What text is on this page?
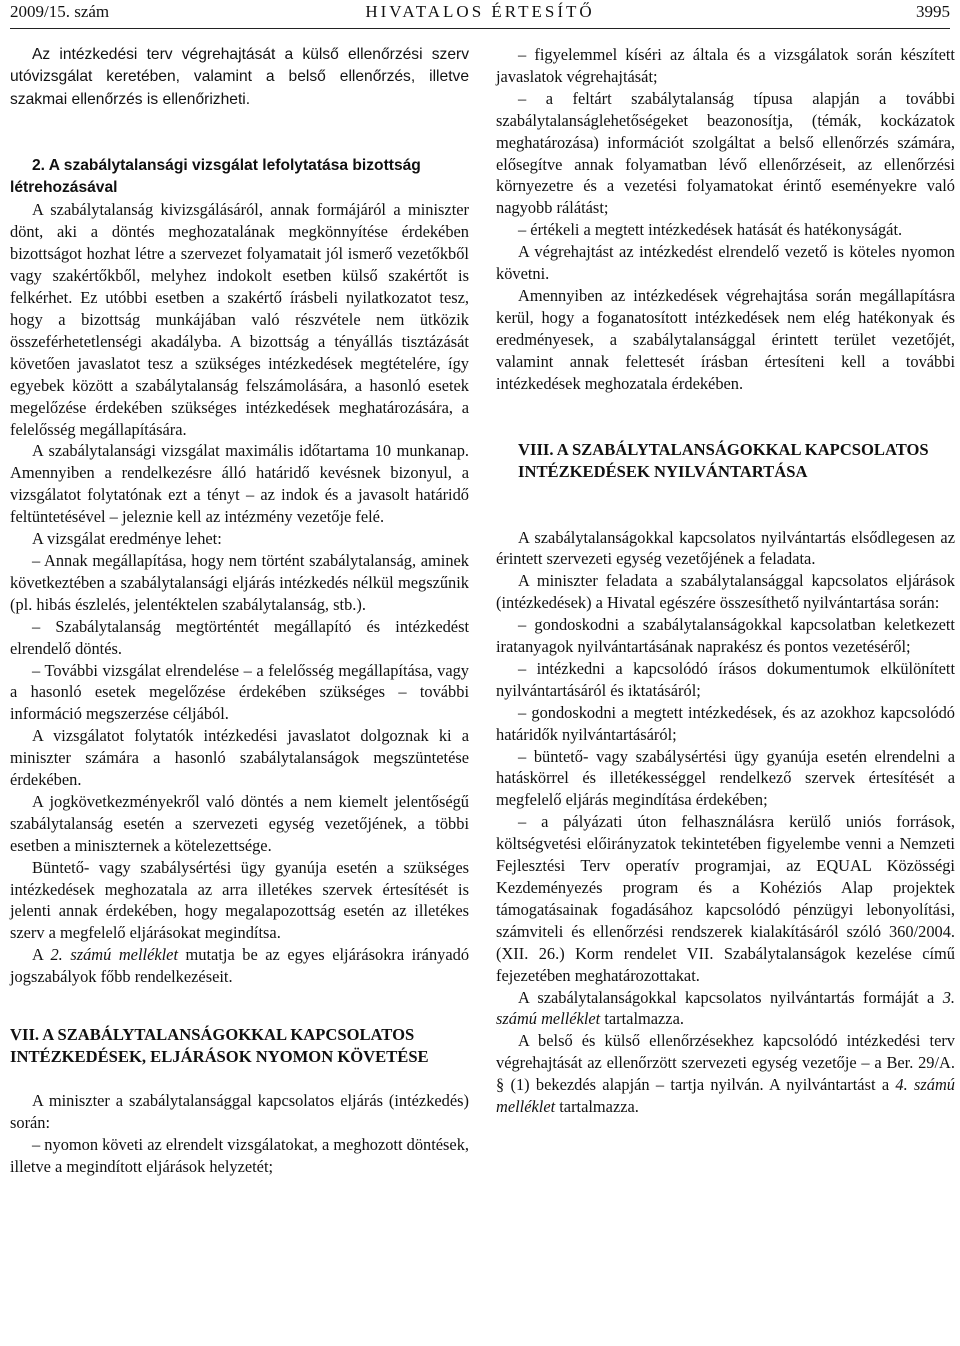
2009/15. szám	HIVATALOS ÉRTESÍTŐ	3995

Az intézkedési terv végrehajtását a külső ellenőrzési szerv utóvizsgálat keretében, valamint a belső ellenőrzés, illetve szakmai ellenőrzés is ellenőrizheti.

2. A szabálytalansági vizsgálat lefolytatása bizottság

létrehozásával

A szabálytalanság kivizsgálásáról, annak formájáról a miniszter dönt, aki a döntés meghozatalának megkönnyítése érdekében bizottságot hozhat létre a szervezet folyamatait jól ismerő vezetőkből vagy szakértőkből, melyhez indokolt esetben külső szakértőt is felkérhet. Ez utóbbi esetben a szakértő írásbeli nyilatkozatot tesz, hogy a bizottság munkájában való részvétele nem ütközik összeférhetetlenségi akadályba. A bizottság a tényállás tisztázását követően javaslatot tesz a szükséges intézkedések megtételére, így egyebek között a szabálytalanság felszámolására, a hasonló esetek megelőzése érdekében szükséges intézkedések meghatározására, a felelősség megállapítására.

A szabálytalansági vizsgálat maximális időtartama 10 munkanap. Amennyiben a rendelkezésre álló határidő kevésnek bizonyul, a vizsgálatot folytatónak ezt a tényt – az indok és a javasolt határidő feltüntetésével – jeleznie kell az intézmény vezetője felé.

A vizsgálat eredménye lehet:

– Annak megállapítása, hogy nem történt szabálytalanság, aminek következtében a szabálytalansági eljárás intézkedés nélkül megszűnik (pl. hibás észlelés, jelentéktelen szabálytalanság, stb.).

– Szabálytalanság megtörténtét megállapító és intézkedést elrendelő döntés.

– További vizsgálat elrendelése – a felelősség megállapítása, vagy a hasonló esetek megelőzése érdekében szükséges – további információ megszerzése céljából.

A vizsgálatot folytatók intézkedési javaslatot dolgoznak ki a miniszter számára a hasonló szabálytalanságok megszüntetése érdekében.

A jogkövetkezményekről való döntés a nem kiemelt jelentőségű szabálytalanság esetén a szervezeti egység vezetőjének, a többi esetben a miniszternek a kötelezettsége.

Büntető- vagy szabálysértési ügy gyanúja esetén a szükséges intézkedések meghozatala az arra illetékes szervek értesítését is jelenti annak érdekében, hogy megalapozottság esetén az illetékes szerv a megfelelő eljárásokat megindítsa.

A 2. számú melléklet mutatja be az egyes eljárásokra irányadó jogszabályok főbb rendelkezéseit.

VII. A SZABÁLYTALANSÁGOKKAL KAPCSOLATOS INTÉZKEDÉSEK, ELJÁRÁSOK NYOMON KÖVETÉSE

A miniszter a szabálytalansággal kapcsolatos eljárás (intézkedés) során:

– nyomon követi az elrendelt vizsgálatokat, a meghozott döntések, illetve a megindított eljárások helyzetét;

– figyelemmel kíséri az általa és a vizsgálatok során készített javaslatok végrehajtását;

– a feltárt szabálytalanság típusa alapján a további szabálytalanságlehetőségeket beazonosítja, (témák, kockázatok meghatározása) információt szolgáltat a belső ellenőrzés számára, elősegítve annak folyamatban lévő ellenőrzéseit, az ellenőrzési környezetre és a vezetési folyamatokat érintő eseményekre való nagyobb rálátást;

– értékeli a megtett intézkedések hatását és hatékonyságát.

A végrehajtást az intézkedést elrendelő vezető is köteles nyomon követni.

Amennyiben az intézkedések végrehajtása során megállapításra kerül, hogy a foganatosított intézkedések nem elég hatékonyak és eredményesek, a szabálytalansággal érintett terület vezetőjét, valamint annak felettesét írásban értesíteni kell a további intézkedések meghozatala érdekében.

VIII. A SZABÁLYTALANSÁGOKKAL KAPCSOLATOS INTÉZKEDÉSEK NYILVÁNTARTÁSA

A szabálytalanságokkal kapcsolatos nyilvántartás elsődlegesen az érintett szervezeti egység vezetőjének a feladata.

A miniszter feladata a szabálytalansággal kapcsolatos eljárások (intézkedések) a Hivatal egészére összesíthető nyilvántartása során:

– gondoskodni a szabálytalanságokkal kapcsolatban keletkezett iratanyagok nyilvántartásának naprakész és pontos vezetéséről;

– intézkedni a kapcsolódó írásos dokumentumok elkülönített nyilvántartásáról és iktatásáról;

– gondoskodni a megtett intézkedések, és az azokhoz kapcsolódó határidők nyilvántartásáról;

– büntető- vagy szabálysértési ügy gyanúja esetén elrendelni a hatáskörrel és illetékességgel rendelkező szervek értesítését a megfelelő eljárás megindítása érdekében;

– a pályázati úton felhasználásra kerülő uniós források, költségvetési előirányzatok tekintetében figyelembe venni a Nemzeti Fejlesztési Terv operatív programjai, az EQUAL Közösségi Kezdeményezés program és a Kohéziós Alap projektek támogatásainak fogadásához kapcsolódó pénzügyi lebonyolítási, számviteli és ellenőrzési rendszerek kialakításáról szóló 360/2004. (XII. 26.) Korm rendelet VII. Szabálytalanságok kezelése című fejezetében meghatározottakat.

A szabálytalanságokkal kapcsolatos nyilvántartás formáját a 3. számú melléklet tartalmazza.

A belső és külső ellenőrzésekhez kapcsolódó intézkedési terv végrehajtását az ellenőrzött szervezeti egység vezetője – a Ber. 29/A. § (1) bekezdés alapján – tartja nyilván. A nyilvántartást a 4. számú melléklet tartalmazza.
